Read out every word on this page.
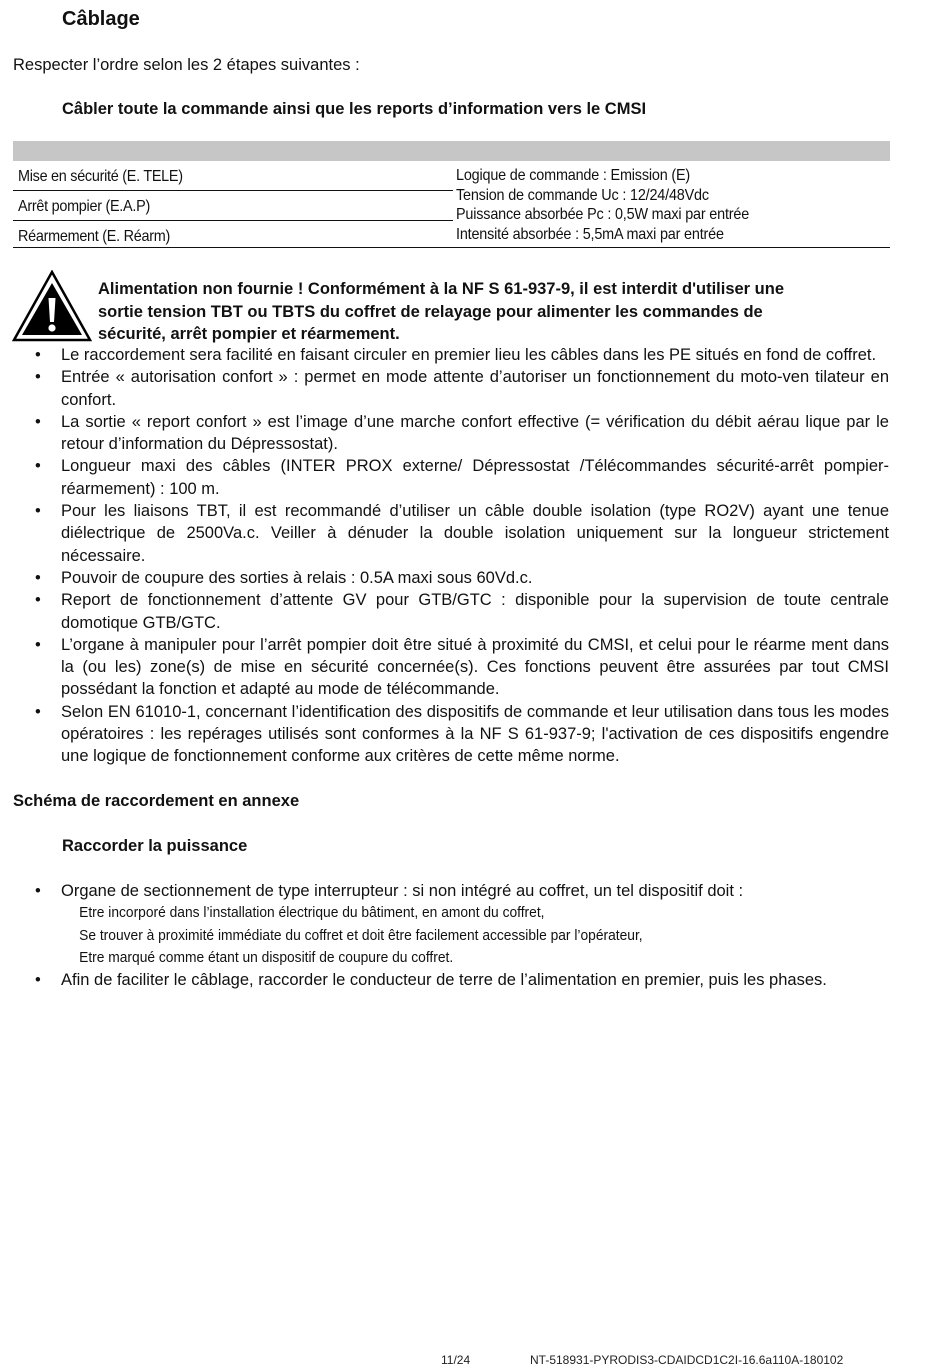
Câblage
Respecter l’ordre selon les 2 étapes suivantes :
Câbler toute la commande ainsi que les reports d’information vers le CMSI
Mise en sécurité (E. TELE)
Arrêt pompier (E.A.P)
Réarmement (E. Réarm)
Logique de commande : Emission (E)
Tension de commande Uc : 12/24/48Vdc
Puissance absorbée Pc : 0,5W maxi par entrée
Intensité absorbée : 5,5mA maxi par entrée
Alimentation non fournie ! Conformément à la NF S 61-937-9, il est interdit d'utiliser une
sortie tension TBT ou TBTS du coffret de relayage pour alimenter les commandes de
sécurité, arrêt pompier et réarmement.
• Le raccordement sera facilité en faisant circuler en premier lieu les câbles dans les PE situés en fond de coffret.
• Entrée « autorisation confort » : permet en mode attente d’autoriser un fonctionnement du moto-ven tilateur en confort.
• La sortie « report confort » est l’image d’une marche confort effective (= vérification du débit aérau lique par le retour d’information du Dépressostat).
• Longueur maxi des câbles (INTER PROX externe/ Dépressostat /Télécommandes sécurité-arrêt pompier-réarmement) : 100 m.
• Pour les liaisons TBT, il est recommandé d’utiliser un câble double isolation (type RO2V) ayant une tenue diélectrique de 2500Va.c. Veiller à dénuder la double isolation uniquement sur la longueur strictement nécessaire.
• Pouvoir de coupure des sorties à relais : 0.5A maxi sous 60Vd.c.
• Report de fonctionnement d’attente GV pour GTB/GTC : disponible pour la supervision de toute centrale domotique GTB/GTC.
• L’organe à manipuler pour l’arrêt pompier doit être situé à proximité du CMSI, et celui pour le réarme ment dans la (ou les) zone(s) de mise en sécurité concernée(s). Ces fonctions peuvent être assurées par tout CMSI possédant la fonction et adapté au mode de télécommande.
• Selon EN 61010-1, concernant l’identification des dispositifs de commande et leur utilisation dans tous les modes opératoires : les repérages utilisés sont conformes à la NF S 61-937-9; l'activation de ces dispositifs engendre une logique de fonctionnement conforme aux critères de cette même norme.
Schéma de raccordement en annexe
Raccorder la puissance
• Organe de sectionnement de type interrupteur : si non intégré au coffret, un tel dispositif doit :
Etre incorporé dans l’installation électrique du bâtiment, en amont du coffret,
Se trouver à proximité immédiate du coffret et doit être facilement accessible par l’opérateur,
Etre marqué comme étant un dispositif de coupure du coffret.
• Afin de faciliter le câblage, raccorder le conducteur de terre de l’alimentation en premier, puis les phases.
11/24	NT-518931-PYRODIS3-CDAIDCD1C2I-16.6a110A-180102
